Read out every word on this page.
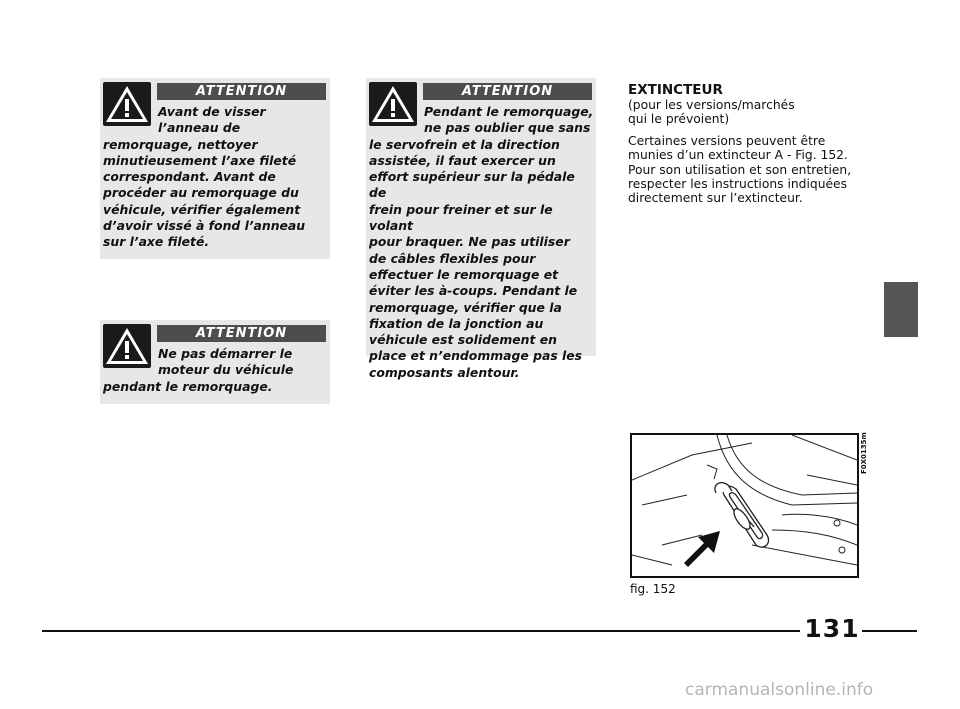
ATTENTION
Avant de visser
l’anneau de
remorquage, nettoyer
minutieusement l’axe fileté
correspondant. Avant de
procéder au remorquage du
véhicule, vérifier également
d’avoir vissé à fond l’anneau
sur l’axe fileté.
ATTENTION
Ne pas démarrer le
moteur du véhicule
pendant le remorquage.
ATTENTION
Pendant le remorquage,
ne pas oublier que sans
le servofrein et la direction
assistée, il faut exercer un
effort supérieur sur la pédale de
frein pour freiner et sur le volant
pour braquer. Ne pas utiliser
de câbles flexibles pour
effectuer le remorquage et
éviter les à-coups. Pendant le
remorquage, vérifier que la
fixation de la jonction au
véhicule est solidement en
place et n’endommage pas les
composants alentour.
EXTINCTEUR

(pour les versions/marchés

qui le prévoient)

Certaines versions peuvent être

munies d’un extincteur A - Fig. 152.

Pour son utilisation et son entretien,

respecter les instructions indiquées

directement sur l’extincteur.

F0X0135m
fig. 152
131
carmanualsonline.info
